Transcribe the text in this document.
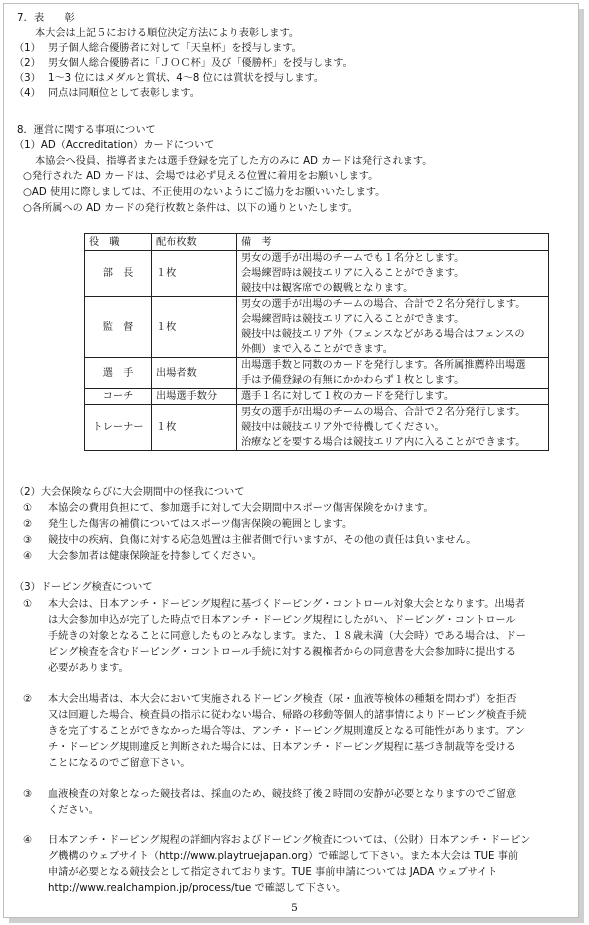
7. 表　　彰
本大会は上記５における順位決定方法により表彰します。
（1） 男子個人総合優勝者に対して「天皇杯」を授与します。
（2） 男女個人総合優勝者に「ＪＯＣ杯」及び「優勝杯」を授与します。
（3） 1～3 位にはメダルと賞状、4～8 位には賞状を授与します。
（4） 同点は同順位として表彰します。
8．運営に関する事項について
（1）AD（Accreditation）カードについて
本協会へ役員、指導者または選手登録を完了した方のみに AD カードは発行されます。
○発行された AD カードは、会場では必ず見える位置に着用をお願いします。
○AD 使用に際しましては、不正使用のないようにご協力をお願いいたします。
○各所属への AD カードの発行枚数と条件は、以下の通りといたします。
役　職	配布枚数	備　考
部　長	１枚	男女の選手が出場のチームでも１名分とします。
会場練習時は競技エリアに入ることができます。
競技中は観客席での観戦となります。

監　督	１枚	男女の選手が出場のチームの場合、合計で２名分発行します。
会場練習時は競技エリアに入ることができます。
競技中は競技エリア外（フェンスなどがある場合はフェンスの
外側）まで入ることができます。

選　手	出場者数	出場選手数と同数のカードを発行します。各所属推薦枠出場選
手は予備登録の有無にかかわらず１枚とします。

コーチ	出場選手数分	選手１名に対して１枚のカードを発行します。

トレーナー	１枚	男女の選手が出場のチームの場合、合計で２名分発行します。
競技中は競技エリア外で待機してください。
治療などを要する場合は競技エリア内に入ることができます。
（2）大会保険ならびに大会期間中の怪我について
① 本協会の費用負担にて、参加選手に対して大会期間中スポーツ傷害保険をかけます。
② 発生した傷害の補償についてはスポーツ傷害保険の範囲とします。
③ 競技中の疾病、負傷に対する応急処置は主催者側で行いますが、その他の責任は負いません。
④ 大会参加者は健康保険証を持参してください。
（3）ドーピング検査について
① 本大会は、日本アンチ・ドーピング規程に基づくドーピング・コントロール対象大会となります。出場者
は大会参加申込が完了した時点で日本アンチ・ドーピング規程にしたがい、ドーピング・コントロール
手続きの対象となることに同意したものとみなします。また、１８歳未満（大会時）である場合は、ドー
ピング検査を含むドーピング・コントロール手続に対する親権者からの同意書を大会参加時に提出する
必要があります。
② 本大会出場者は、本大会において実施されるドーピング検査（尿・血液等検体の種類を問わず）を拒否
又は回避した場合、検査員の指示に従わない場合、帰路の移動等個人的諸事情によりドーピング検査手続
きを完了することができなかった場合等は、アンチ・ドーピング規則違反となる可能性があります。アン
チ・ドーピング規則違反と判断された場合には、日本アンチ・ドーピング規程に基づき制裁等を受ける
ことになるのでご留意下さい。
③ 血液検査の対象となった競技者は、採血のため、競技終了後２時間の安静が必要となりますのでご留意
ください。
④ 日本アンチ・ドーピング規程の詳細内容およびドーピング検査については、（公財）日本アンチ・ドーピン
グ機構のウェブサイト（http://www.playtruejapan.org）で確認して下さい。また本大会は TUE 事前
申請が必要となる競技会として指定されております。TUE 事前申請については JADA ウェブサイト
http://www.realchampion.jp/process/tue で確認して下さい。
5
